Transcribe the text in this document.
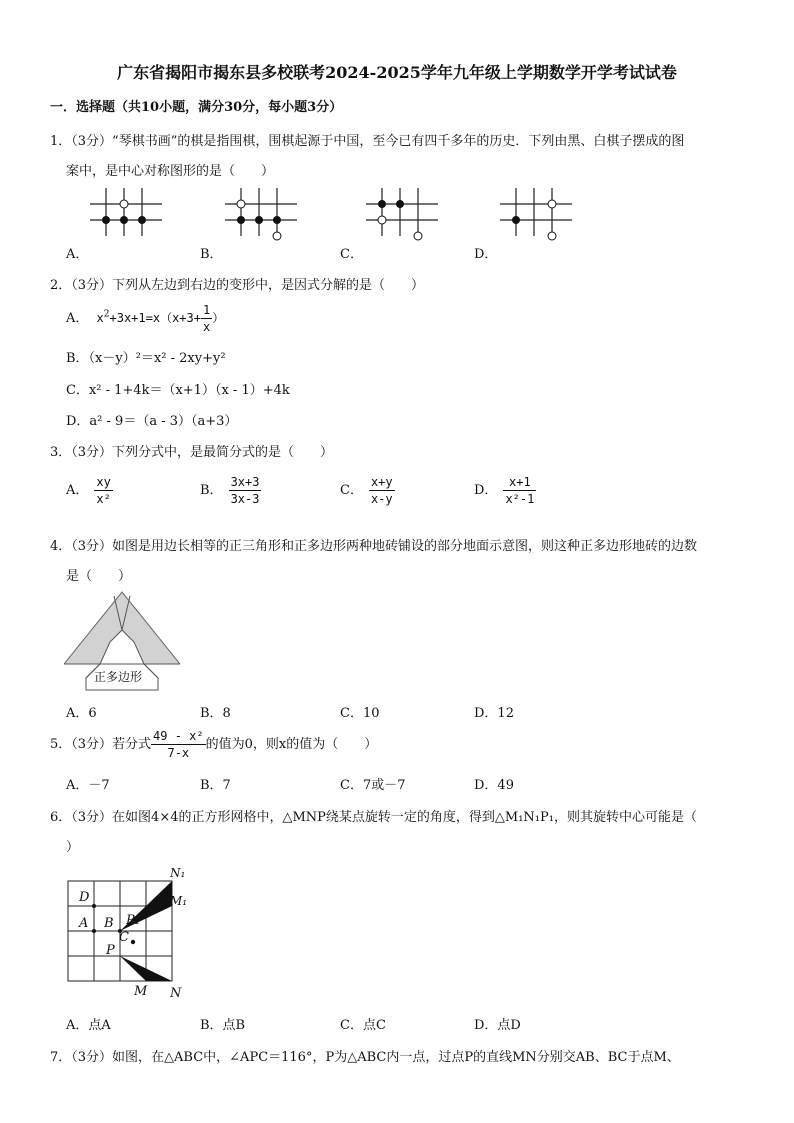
广东省揭阳市揭东县多校联考2024-2025学年九年级上学期数学开学考试试卷
一．选择题（共10小题，满分30分，每小题3分）
1．（3分）“琴棋书画”的棋是指围棋，围棋起源于中国，至今已有四千多年的历史．下列由黑、白棋子摆成的图
案中，是中心对称图形的是（　　）
A．	B．	C．	D．
2．（3分）下列从左边到右边的变形中，是因式分解的是（　　）
A． $x^2+3x+1=x(x+3+ \frac{1}{x}$ ）
B．（x－y）²＝x² - 2xy+y²
C．x² - 1+4k＝（x+1）（x - 1）+4k
D．a² - 9＝（a - 3）（a+3）
3．（3分）下列分式中，是最简分式的是（　　）
A． $\frac{xy}{\text{x²}}$	B． $\frac{3x+3}{3x-3}$	C． $\frac{x+y}{x-y}$	D． $\frac{x+1}{\text{x²-1}}$
4．（3分）如图是用边长相等的正三角形和正多边形两种地砖铺设的部分地面示意图，则这种正多边形地砖的边数
是（　　）
正多边形
A．6	B．8	C．10	D．12
5．（3分）若分式 $\frac{\text{49 - x²}}{7-x}$ 的值为0，则x的值为（　　）
A．－7	B．7	C．7或－7	D．49
6．（3分）在如图4×4的正方形网格中，△MNP绕某点旋转一定的角度，得到△M₁N₁P₁，则其旋转中心可能是（
）
D
A B P₁
C
P
N₁
M₁
M N
A．点A	B．点B	C．点C	D．点D
7．（3分）如图，在△ABC中，∠APC＝116°，P为△ABC内一点，过点P的直线MN分别交AB、BC于点M、
